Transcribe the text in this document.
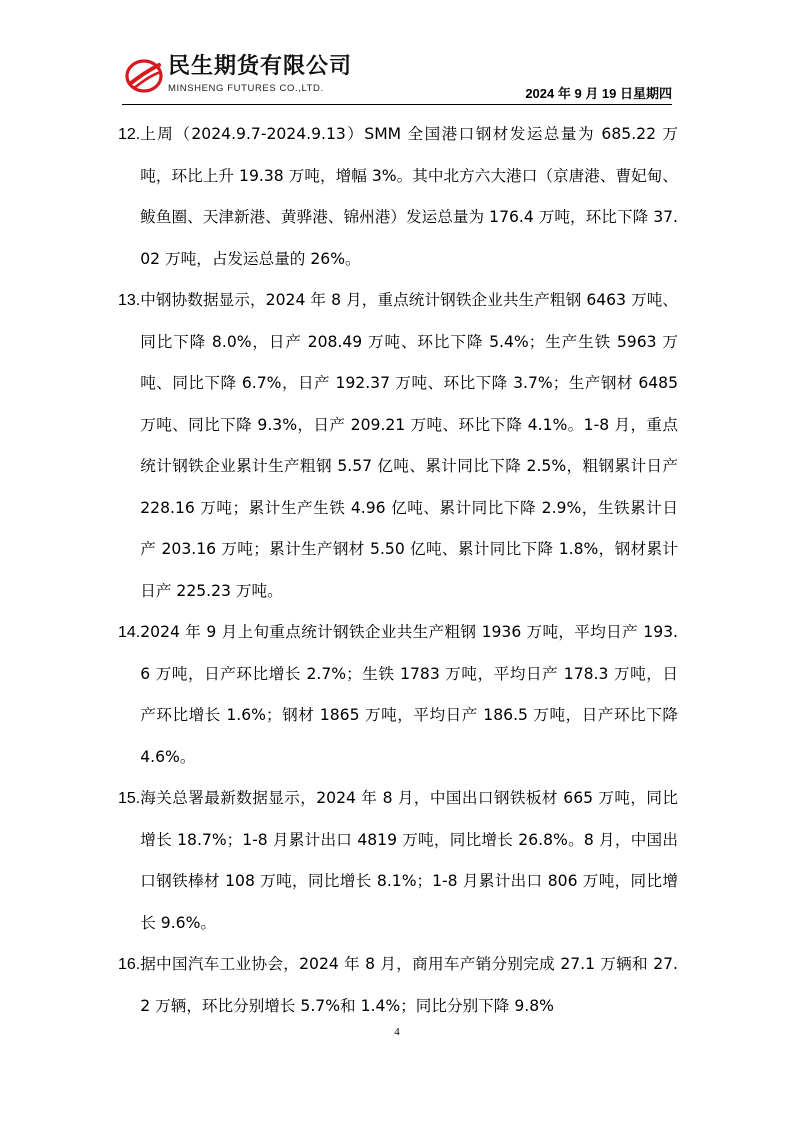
民生期货有限公司
MINSHENG FUTURES CO.,LTD.	2024 年 9 月 19 日星期四
12. 上周（2024.9.7-2024.9.13）SMM 全国港口钢材发运总量为 685.22 万吨，环比上升 19.38 万吨，增幅 3%。其中北方六大港口（京唐港、曹妃甸、鲅鱼圈、天津新港、黄骅港、锦州港）发运总量为 176.4 万吨，环比下降 37.02 万吨，占发运总量的 26%。
13. 中钢协数据显示，2024 年 8 月，重点统计钢铁企业共生产粗钢 6463 万吨、同比下降 8.0%，日产 208.49 万吨、环比下降 5.4%；生产生铁 5963 万吨、同比下降 6.7%，日产 192.37 万吨、环比下降 3.7%；生产钢材 6485 万吨、同比下降 9.3%，日产 209.21 万吨、环比下降 4.1%。1-8 月，重点统计钢铁企业累计生产粗钢 5.57 亿吨、累计同比下降 2.5%，粗钢累计日产 228.16 万吨；累计生产生铁 4.96 亿吨、累计同比下降 2.9%，生铁累计日产 203.16 万吨；累计生产钢材 5.50 亿吨、累计同比下降 1.8%，钢材累计日产 225.23 万吨。
14. 2024 年 9 月上旬重点统计钢铁企业共生产粗钢 1936 万吨，平均日产 193.6 万吨，日产环比增长 2.7%；生铁 1783 万吨，平均日产 178.3 万吨，日产环比增长 1.6%；钢材 1865 万吨，平均日产 186.5 万吨，日产环比下降 4.6%。
15. 海关总署最新数据显示，2024 年 8 月，中国出口钢铁板材 665 万吨，同比增长 18.7%；1-8 月累计出口 4819 万吨，同比增长 26.8%。8 月，中国出口钢铁棒材 108 万吨，同比增长 8.1%；1-8 月累计出口 806 万吨，同比增长 9.6%。
16. 据中国汽车工业协会，2024 年 8 月，商用车产销分别完成 27.1 万辆和 27.2 万辆，环比分别增长 5.7%和 1.4%；同比分别下降 9.8%
4
